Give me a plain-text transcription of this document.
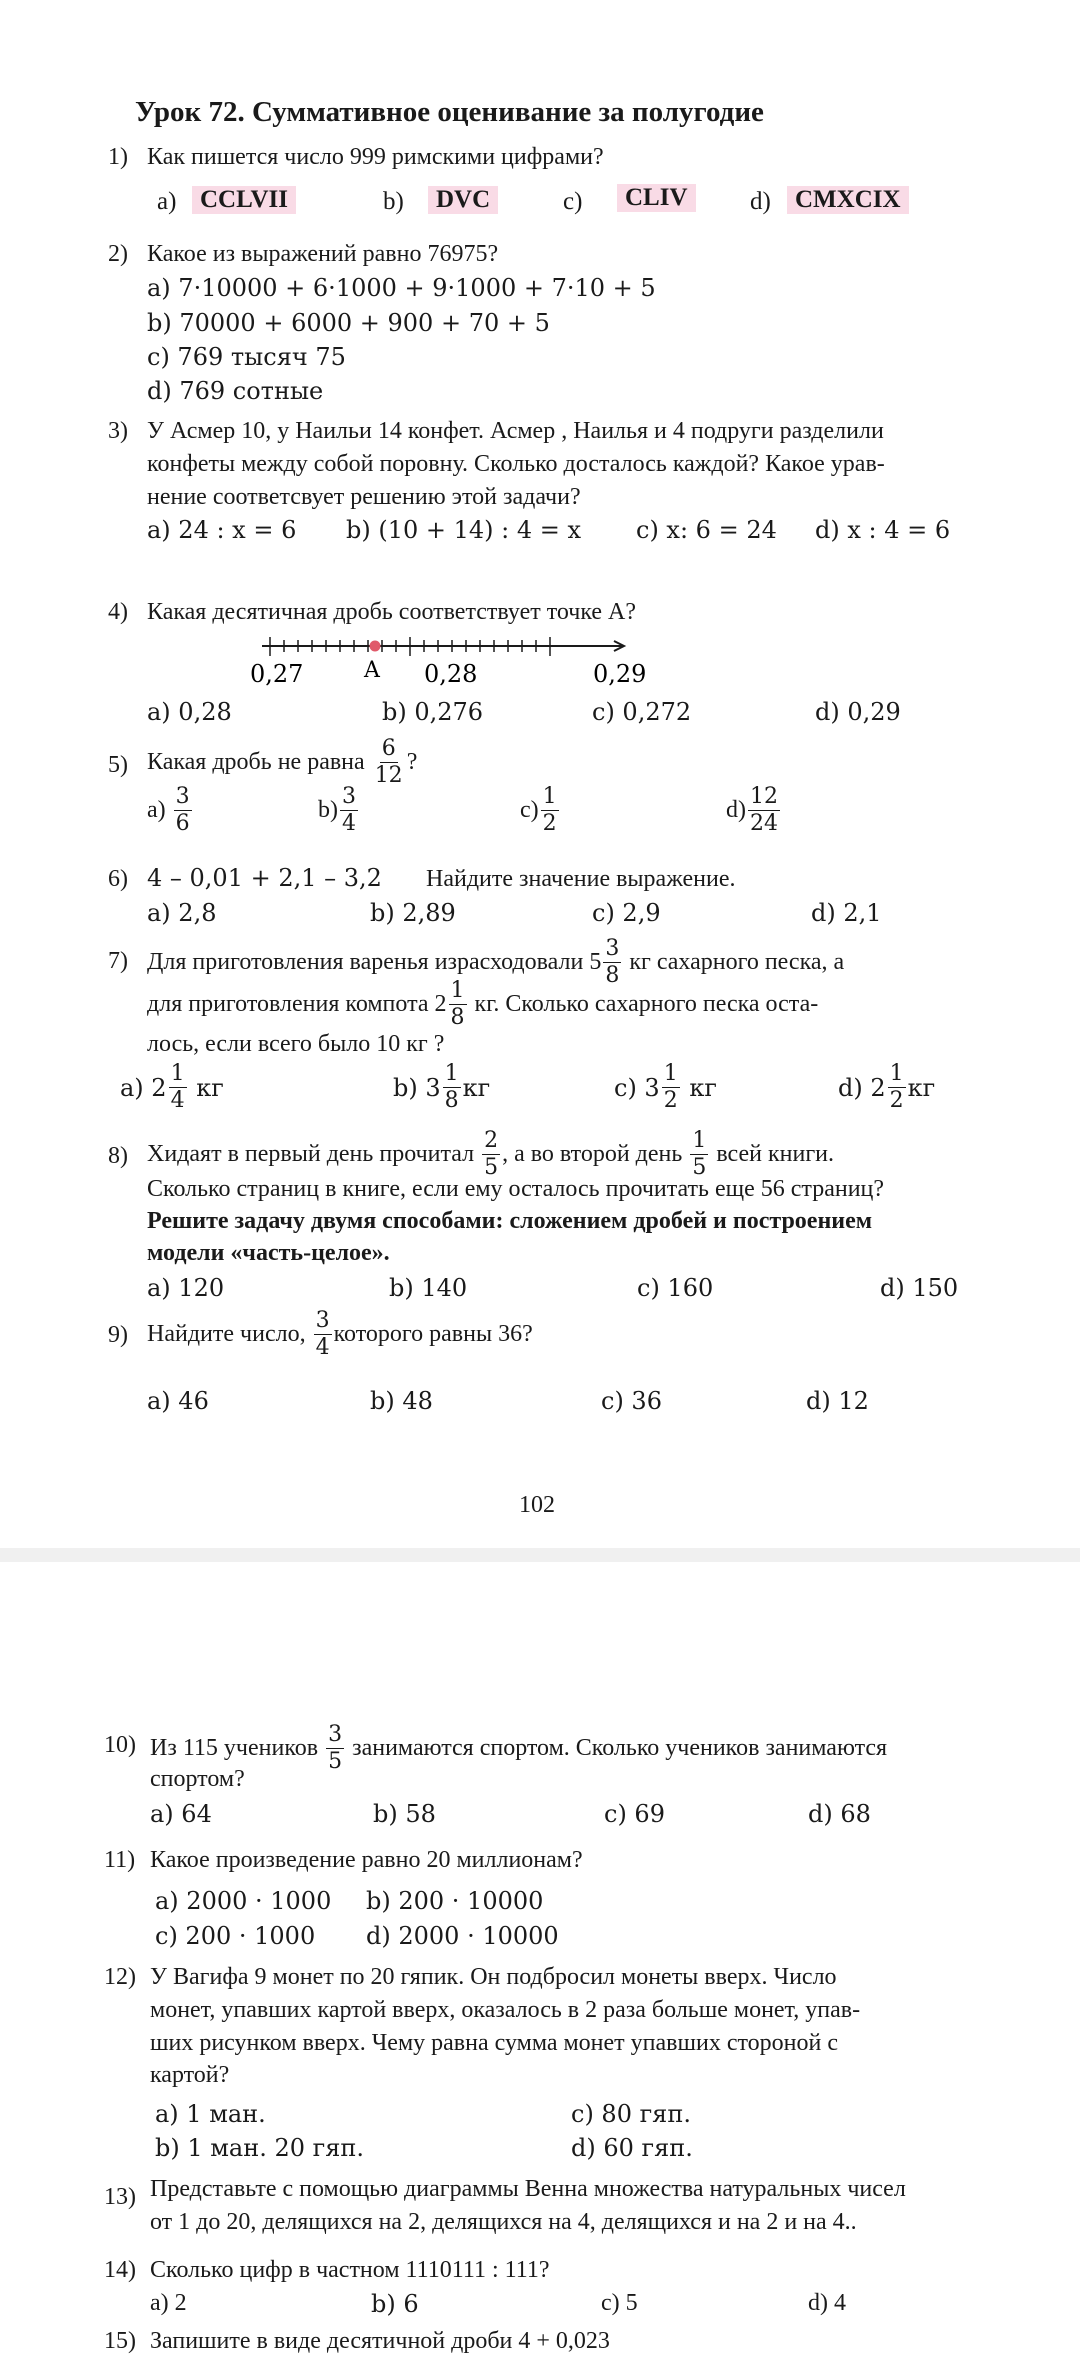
Урок 72. Суммативное оценивание за полугодие
1) Как пишется число 999 римскими цифрами?
a) CCLVII	b)	DVC	c)	CLIV	d) CMXCIX
2) Какое из выражений равно 76975?
a) 7·10000 + 6·1000 + 9·1000 + 7·10 + 5
b) 70000 + 6000 + 900 + 70 + 5
c) 769 тысяч 75
d) 769 сотные
3) У Асмер 10, у Наильи 14 конфет. Асмер , Наилья и 4 подруги разделили
конфеты между собой поровну. Сколько досталось каждой? Какое урав-
нение соответсвует решению этой задачи?
a) 24 : x = 6 b) (10 + 14) : 4 = x c) x: 6 = 24 d) x : 4 = 6
4) Какая десятичная дробь соответствует точке А?
0,27	A 0,28	0,29
a) 0,28	b) 0,276	c) 0,272	d) 0,29
5) Какая дробь не равна
$\frac{6}{12}$ ?
a)
$\frac{3}{6}$	$b) \frac{3}{4}$	$c) \frac{1}{2}$	$d) \frac{12}{24}$
6) 4 – 0,01 + 2,1 – 3,2 Найдите значение выражение.
a) 2,8	b) 2,89	c) 2,9	d) 2,1
7) Для приготовления варенья израсходовали $5 \frac{3}{8}$
кг сахарного песка, а
для приготовления компота $2 \frac{1}{8}$
кг. Сколько сахарного песка оста-
лось, если всего было 10 кг ?
a) $2 \frac{1}{4}$
кг	b) $3 \frac{1}{8}$ кг	c) $3 \frac{1}{2}$
кг	d) $2 \frac{1}{2}$ кг
8) Хидаят в первый день прочитал
$\frac{2}{5}$ , а во второй день
$\frac{1}{5}$
всей книги.
Сколько страниц в книге, если ему осталось прочитать еще 56 страниц?
Решите задачу двумя способами: сложением дробей и построением
модели «часть-целое».
a) 120	b) 140	c) 160	d) 150
9) Найдите число,
$\frac{3}{4}$ которого равны 36?
a) 46	b) 48	c) 36	d) 12
102
10) Из 115 учеников
$\frac{3}{5}$
занимаются спортом. Сколько учеников занимаются
спортом?
a) 64	b) 58	c) 69	d) 68
11) Какое произведение равно 20 миллионам?
a) 2000 · 1000 b) 200 · 10000
c) 200 · 1000 d) 2000 · 10000
12) У Вагифа 9 монет по 20 гяпик. Он подбросил монеты вверх. Число
монет, упавших картой вверх, оказалось в 2 раза больше монет, упав-
ших рисунком вверх. Чему равна сумма монет упавших стороной с
картой?
a) 1 ман.	c) 80 гяп.
b) 1 ман. 20 гяп.	d) 60 гяп.
13) Представьте с помощью диаграммы Венна множества натуральных чисел
от 1 до 20, делящихся на 2, делящихся на 4, делящихся и на 2 и на 4..
14) Сколько цифр в частном 1110111 : 111?
a) 2	b) 6	c) 5	d) 4
15) Запишите в виде десятичной дроби 4 + 0,023
